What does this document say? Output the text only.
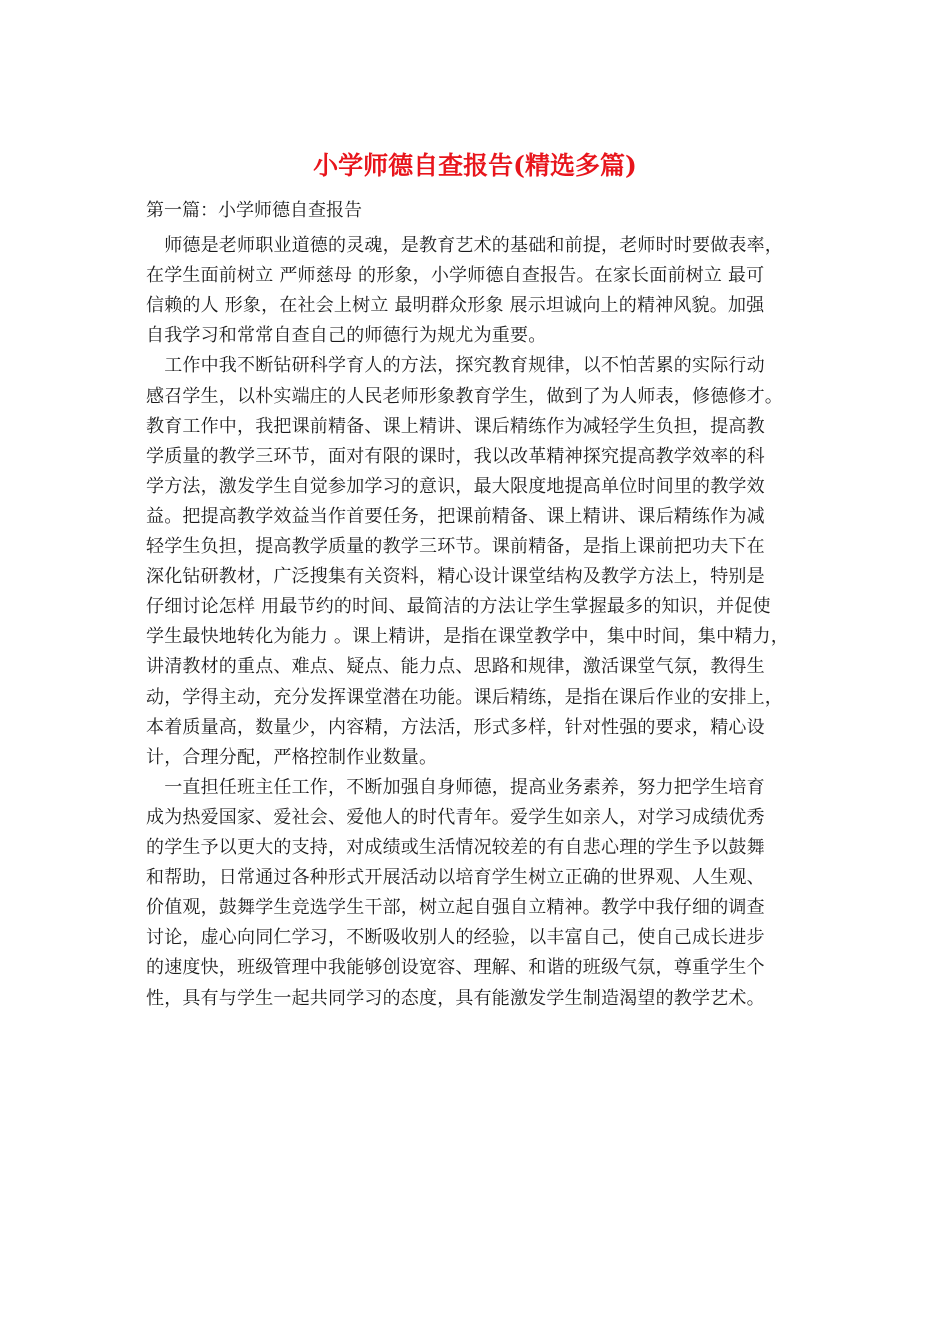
小学师德自查报告(精选多篇)
第一篇：小学师德自查报告
　师德是老师职业道德的灵魂，是教育艺术的基础和前提，老师时时要做表率，
在学生面前树立 严师慈母 的形象，小学师德自查报告。在家长面前树立 最可
信赖的人 形象，在社会上树立 最明群众形象 展示坦诚向上的精神风貌。加强
自我学习和常常自查自己的师德行为规尤为重要。
　工作中我不断钻研科学育人的方法，探究教育规律，以不怕苦累的实际行动
感召学生，以朴实端庄的人民老师形象教育学生，做到了为人师表，修德修才。
教育工作中，我把课前精备、课上精讲、课后精练作为减轻学生负担，提高教
学质量的教学三环节，面对有限的课时，我以改革精神探究提高教学效率的科
学方法，激发学生自觉参加学习的意识，最大限度地提高单位时间里的教学效
益。把提高教学效益当作首要任务，把课前精备、课上精讲、课后精练作为减
轻学生负担，提高教学质量的教学三环节。课前精备，是指上课前把功夫下在
深化钻研教材，广泛搜集有关资料，精心设计课堂结构及教学方法上，特别是
仔细讨论怎样 用最节约的时间、最简洁的方法让学生掌握最多的知识，并促使
学生最快地转化为能力 。课上精讲，是指在课堂教学中，集中时间，集中精力，
讲清教材的重点、难点、疑点、能力点、思路和规律，激活课堂气氛，教得生
动，学得主动，充分发挥课堂潜在功能。课后精练，是指在课后作业的安排上，
本着质量高，数量少，内容精，方法活，形式多样，针对性强的要求，精心设
计，合理分配，严格控制作业数量。
　一直担任班主任工作，不断加强自身师德，提高业务素养，努力把学生培育
成为热爱国家、爱社会、爱他人的时代青年。爱学生如亲人，对学习成绩优秀
的学生予以更大的支持，对成绩或生活情况较差的有自悲心理的学生予以鼓舞
和帮助，日常通过各种形式开展活动以培育学生树立正确的世界观、人生观、
价值观，鼓舞学生竞选学生干部，树立起自强自立精神。教学中我仔细的调查
讨论，虚心向同仁学习，不断吸收别人的经验，以丰富自己，使自己成长进步
的速度快，班级管理中我能够创设宽容、理解、和谐的班级气氛，尊重学生个
性，具有与学生一起共同学习的态度，具有能激发学生制造渴望的教学艺术。
